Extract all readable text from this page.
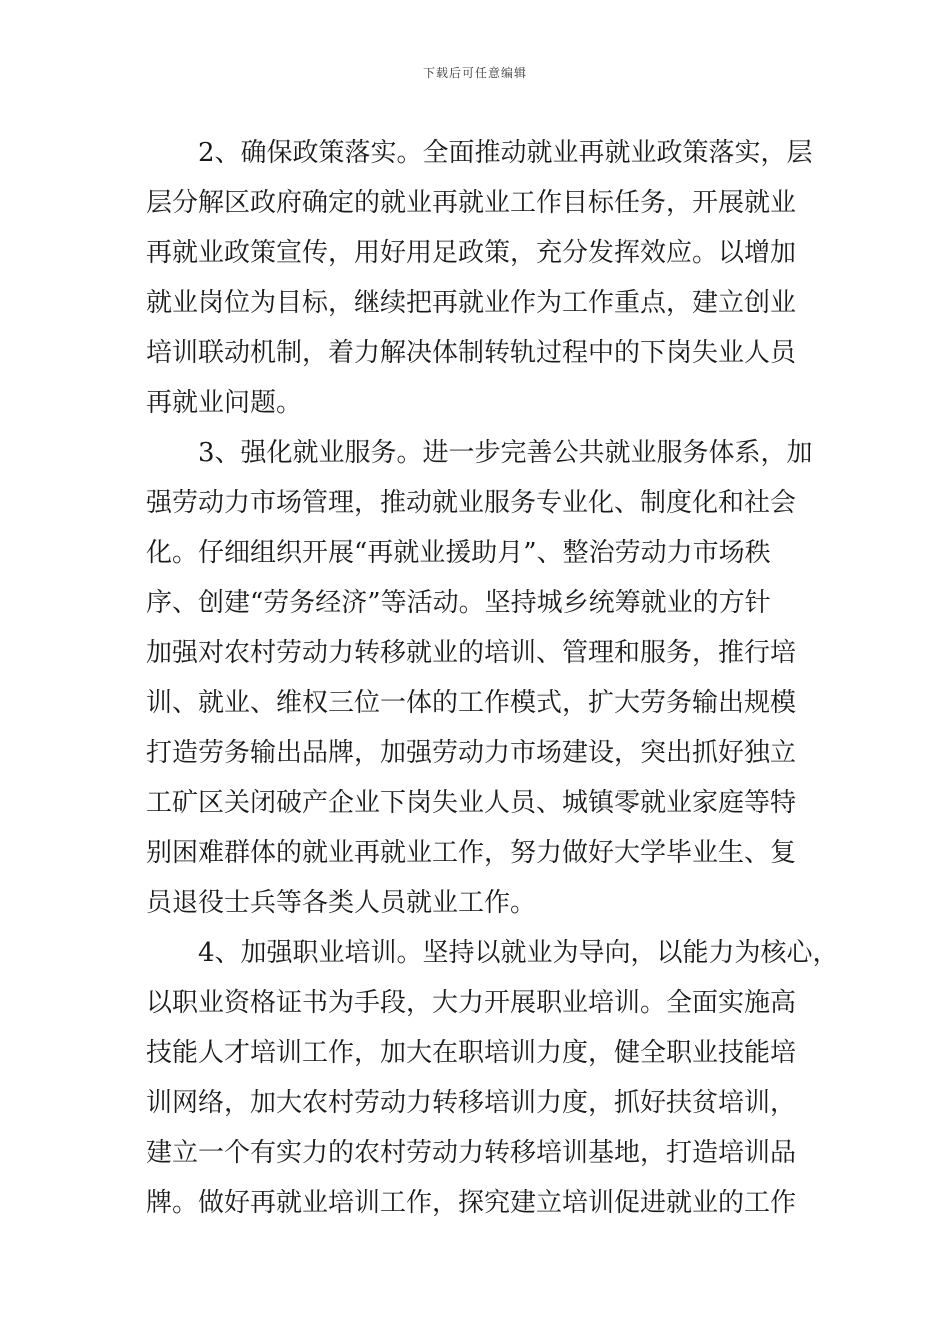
下载后可任意编辑
2、确保政策落实。全面推动就业再就业政策落实，层
层分解区政府确定的就业再就业工作目标任务，开展就业
再就业政策宣传，用好用足政策，充分发挥效应。以增加
就业岗位为目标，继续把再就业作为工作重点，建立创业
培训联动机制，着力解决体制转轨过程中的下岗失业人员
再就业问题。
3、强化就业服务。进一步完善公共就业服务体系，加
强劳动力市场管理，推动就业服务专业化、制度化和社会
化。仔细组织开展“再就业援助月”、整治劳动力市场秩
序、创建“劳务经济”等活动。坚持城乡统筹就业的方针
加强对农村劳动力转移就业的培训、管理和服务，推行培
训、就业、维权三位一体的工作模式，扩大劳务输出规模
打造劳务输出品牌，加强劳动力市场建设，突出抓好独立
工矿区关闭破产企业下岗失业人员、城镇零就业家庭等特
别困难群体的就业再就业工作，努力做好大学毕业生、复
员退役士兵等各类人员就业工作。
4、加强职业培训。坚持以就业为导向，以能力为核心，
以职业资格证书为手段，大力开展职业培训。全面实施高
技能人才培训工作，加大在职培训力度，健全职业技能培
训网络，加大农村劳动力转移培训力度，抓好扶贫培训，
建立一个有实力的农村劳动力转移培训基地，打造培训品
牌。做好再就业培训工作，探究建立培训促进就业的工作
